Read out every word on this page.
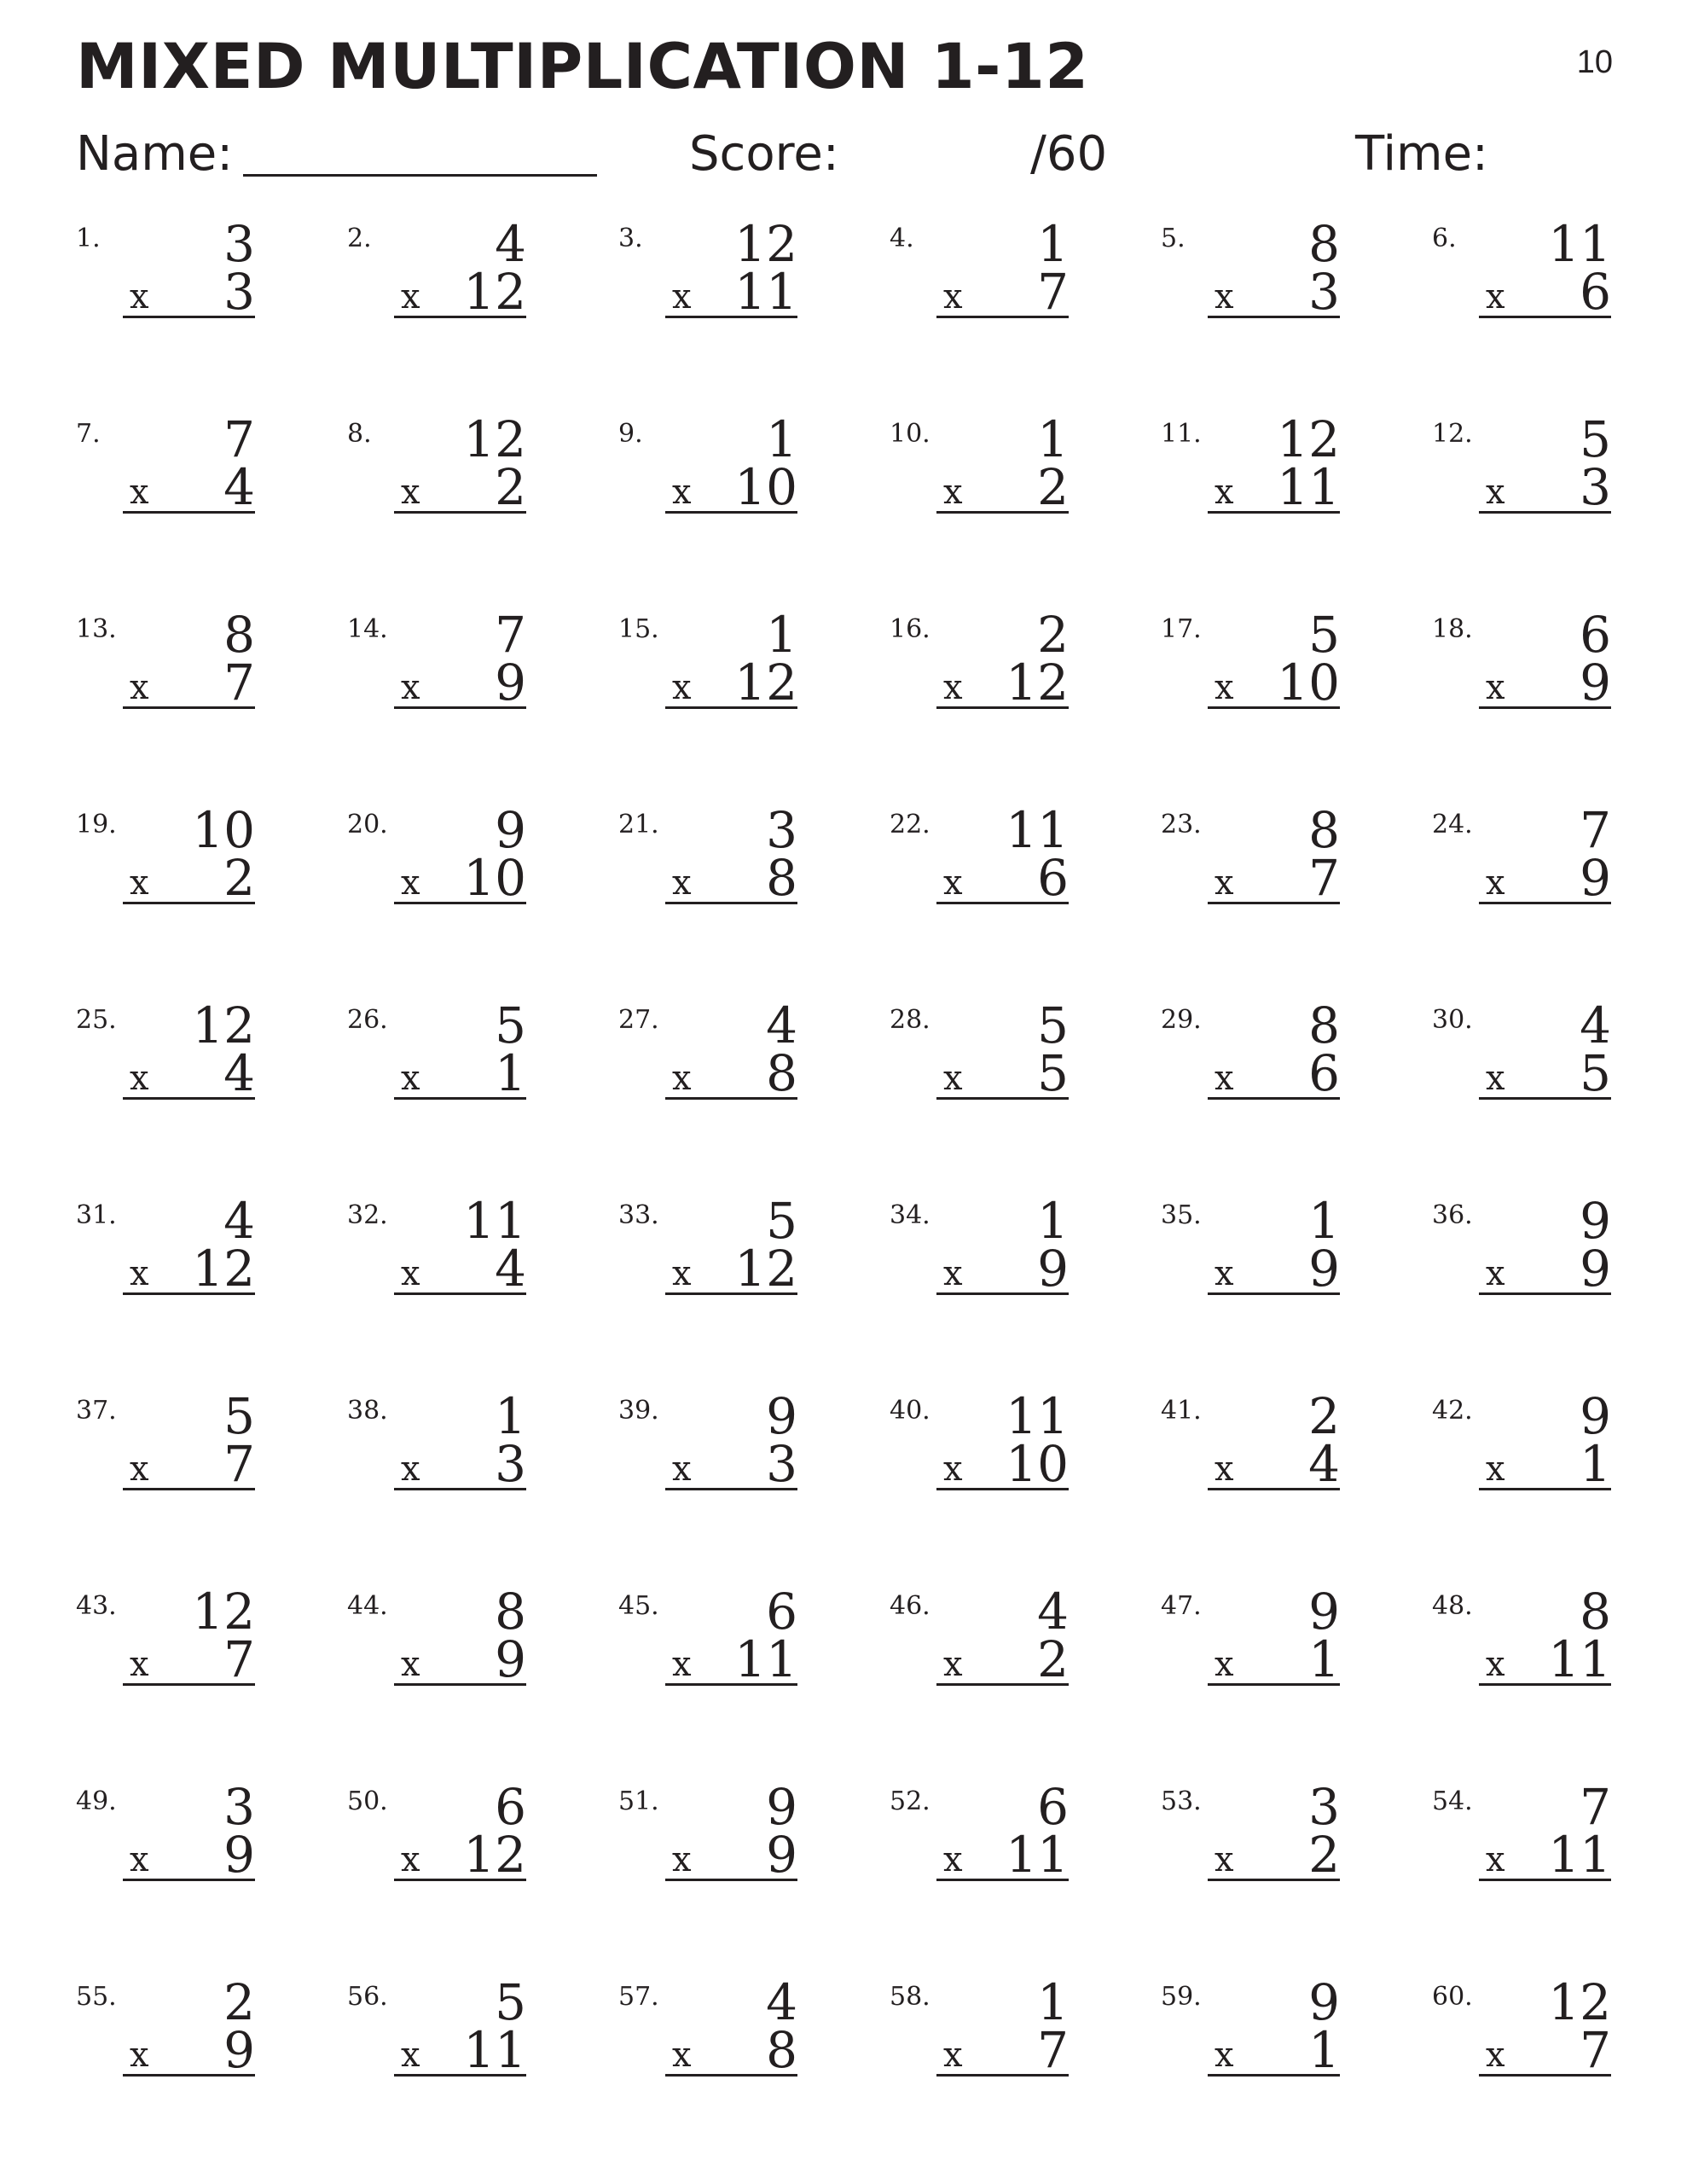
10
MIXED MULTIPLICATION 1-12
Name:	Score:	/60	Time:
1.	3
x 3
2.	4
x 12
3.	12
x 11
4.	1
x 7
5.	8
x 3
6.	11
x 6
7.	7
x 4
8.	12
x 2
9.	1
x 10
10.	1
x 2
11.	12
x 11
12.	5
x 3
13.	8
x 7
14.	7
x 9
15.	1
x 12
16.	2
x 12
17.	5
x 10
18.	6
x 9
19.	10
x 2
20.	9
x 10
21.	3
x 8
22.	11
x 6
23.	8
x 7
24.	7
x 9
25.	12
x 4
26.	5
x 1
27.	4
x 8
28.	5
x 5
29.	8
x 6
30.	4
x 5
31.	4
x 12
32.	11
x 4
33.	5
x 12
34.	1
x 9
35.	1
x 9
36.	9
x 9
37.	5
x 7
38.	1
x 3
39.	9
x 3
40.	11
x 10
41.	2
x 4
42.	9
x 1
43.	12
x 7
44.	8
x 9
45.	6
x 11
46.	4
x 2
47.	9
x 1
48.	8
x 11
49.	3
x 9
50.	6
x 12
51.	9
x 9
52.	6
x 11
53.	3
x 2
54.	7
x 11
55.	2
x 9
56.	5
x 11
57.	4
x 8
58.	1
x 7
59.	9
x 1
60.	12
x 7
